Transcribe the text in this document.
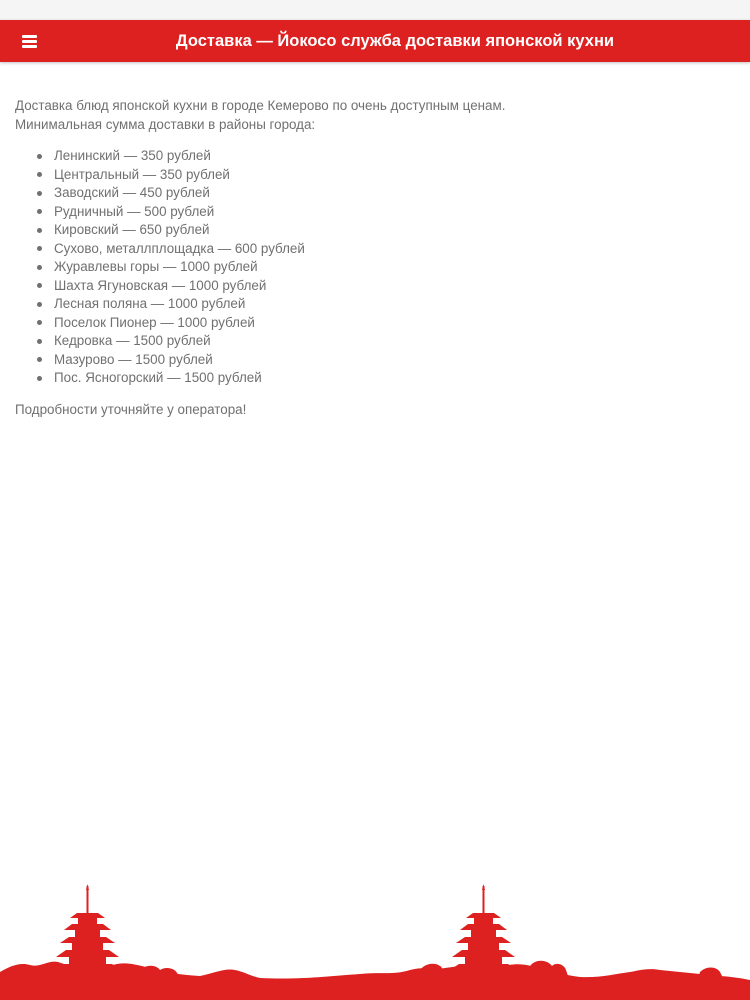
Доставка — Йокосо служба доставки японской кухни

Доставка блюд японской кухни в городе Кемерово по очень доступным ценам.

Минимальная сумма доставки в районы города:

Ленинский — 350 рублей
Центральный — 350 рублей
Заводский — 450 рублей
Рудничный — 500 рублей
Кировский — 650 рублей
Сухово, металлплощадка — 600 рублей
Журавлевы горы — 1000 рублей
Шахта Ягуновская — 1000 рублей
Лесная поляна — 1000 рублей
Поселок Пионер — 1000 рублей
Кедровка — 1500 рублей
Мазурово — 1500 рублей
Пос. Ясногорский — 1500 рублей

Подробности уточняйте у оператора!
